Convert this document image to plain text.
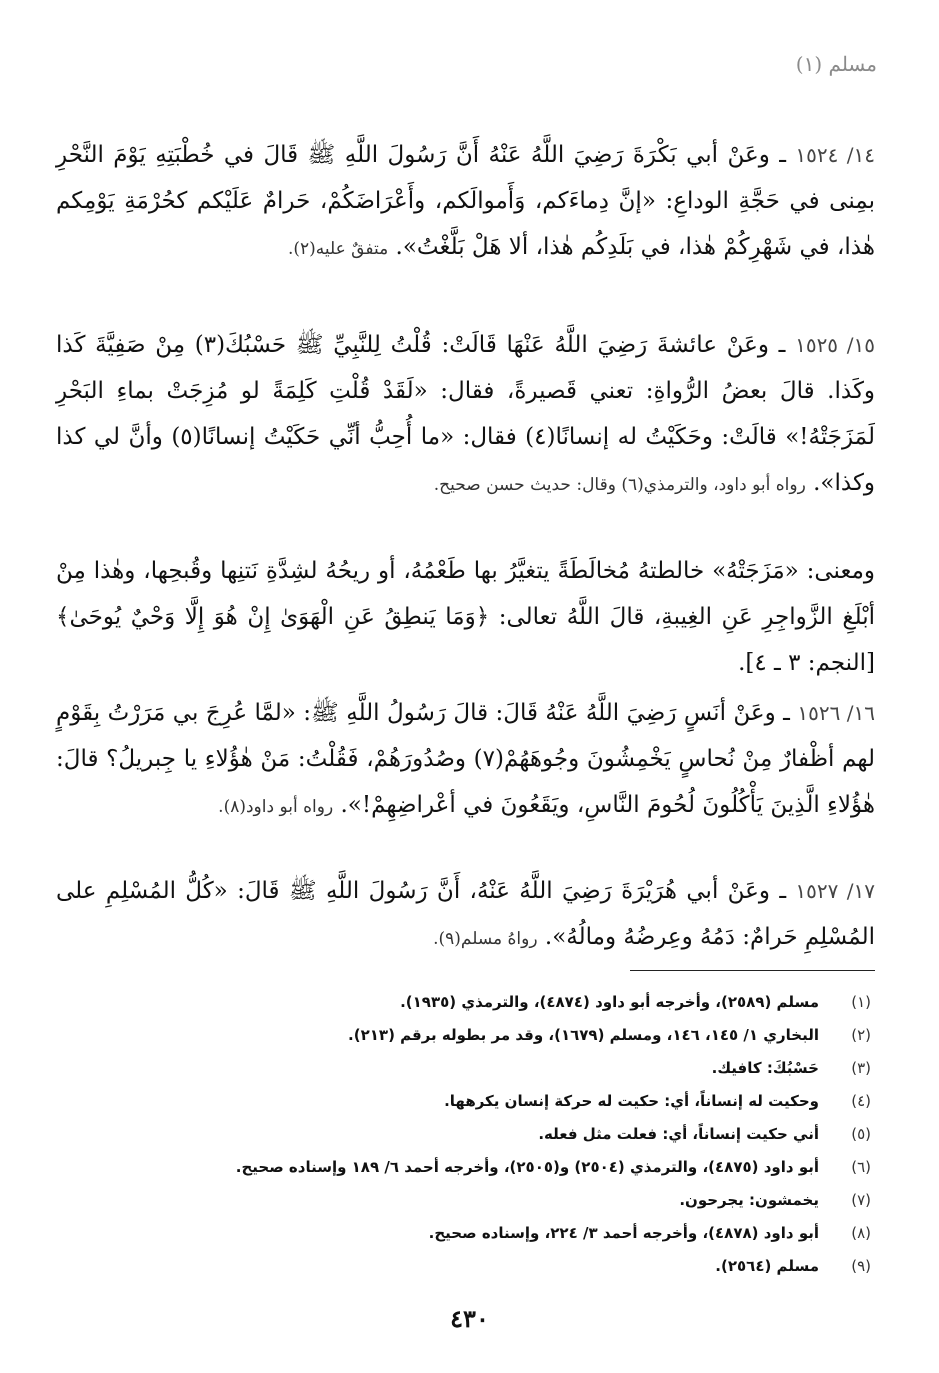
مسلم (١)
١٤/ ١٥٢٤ ـ وعَنْ أبي بَكْرَةَ رَضِيَ اللَّهُ عَنْهُ أَنَّ رَسُولَ اللَّهِ ﷺ قَالَ في خُطْبَتِهِ يَوْمَ النَّحْرِ بمِنى في حَجَّةِ الوداعِ: «إنَّ دِماءَكم، وَأَموالَكم، وأَعْرَاضَكُمْ، حَرامٌ عَلَيْكم كحُرْمَةِ يَوْمِكم هٰذا، في شَهْرِكُمْ هٰذا، في بَلَدِكُم هٰذا، ألا هَلْ بَلَّغْتُ». متفقٌ عليه(٢).
١٥/ ١٥٢٥ ـ وعَنْ عائشةَ رَضِيَ اللَّهُ عَنْهَا قَالَتْ: قُلْتُ لِلنَّبِيِّ ﷺ حَسْبُكَ(٣) مِنْ صَفِيَّةَ كَذا وكَذا. قالَ بعضُ الرُّواةِ: تعني قَصيرةً، فقال: «لَقَدْ قُلْتِ كَلِمَةً لو مُزِجَتْ بماءِ البَحْرِ لَمَزَجَتْهُ!» قالَتْ: وحَكَيْتُ له إنسانًا(٤) فقال: «ما أُحِبُّ أنِّي حَكَيْتُ إنسانًا(٥) وأنَّ لي كذا وكذا». رواه أبو داود، والترمذي(٦) وقال: حديث حسن صحيح.
ومعنى: «مَزَجَتْهُ» خالطتهُ مُخالَطَةً يتغيَّرُ بها طَعْمُهُ، أو ريحُهُ لشِدَّةِ نَتنِها وقُبحِها، وهٰذا مِنْ أبْلَغِ الزَّواجِرِ عَنِ الغِيبةِ، قالَ اللَّهُ تعالى: ﴿وَمَا يَنطِقُ عَنِ الْهَوَىٰ إِنْ هُوَ إِلَّا وَحْيٌ يُوحَىٰ﴾ [النجم: ٣ ـ ٤].
١٦/ ١٥٢٦ ـ وعَنْ أنَسٍ رَضِيَ اللَّهُ عَنْهُ قَالَ: قالَ رَسُولُ اللَّهِ ﷺ: «لمَّا عُرِجَ بي مَرَرْتُ بِقَوْمٍ لهم أظْفارٌ مِنْ نُحاسٍ يَخْمِشُونَ وجُوهَهُمْ(٧) وصُدُورَهُمْ، فَقُلْتُ: مَنْ هٰؤُلاءِ يا جِبريلُ؟ قالَ: هٰؤُلاءِ الَّذِينَ يَأْكُلُونَ لُحُومَ النَّاسِ، ويَقَعُونَ في أعْراضِهِمْ!». رواه أبو داود(٨).
١٧/ ١٥٢٧ ـ وعَنْ أبي هُرَيْرَةَ رَضِيَ اللَّهُ عَنْهُ، أَنَّ رَسُولَ اللَّهِ ﷺ قَالَ: «كُلُّ المُسْلِمِ على المُسْلِمِ حَرامٌ: دَمُهُ وعِرضُهُ ومالُهُ». رواهُ مسلم(٩).
(١)
مسلم (٢٥٨٩)، وأخرجه أبو داود (٤٨٧٤)، والترمذي (١٩٣٥).
(٢)
البخاري ١/ ١٤٥، ١٤٦، ومسلم (١٦٧٩)، وقد مر بطوله برقم (٢١٣).
(٣)
حَسْبُكَ: كافيك.
(٤)
وحكيت له إنساناً، أي: حكيت له حركة إنسان يكرهها.
(٥)
أني حكيت إنساناً، أي: فعلت مثل فعله.
(٦)
أبو داود (٤٨٧٥)، والترمذي (٢٥٠٤) و(٢٥٠٥)، وأخرجه أحمد ٦/ ١٨٩ وإسناده صحيح.
(٧)
يخمشون: يجرحون.
(٨)
أبو داود (٤٨٧٨)، وأخرجه أحمد ٣/ ٢٢٤، وإسناده صحيح.
(٩)
مسلم (٢٥٦٤).
٤٣٠
